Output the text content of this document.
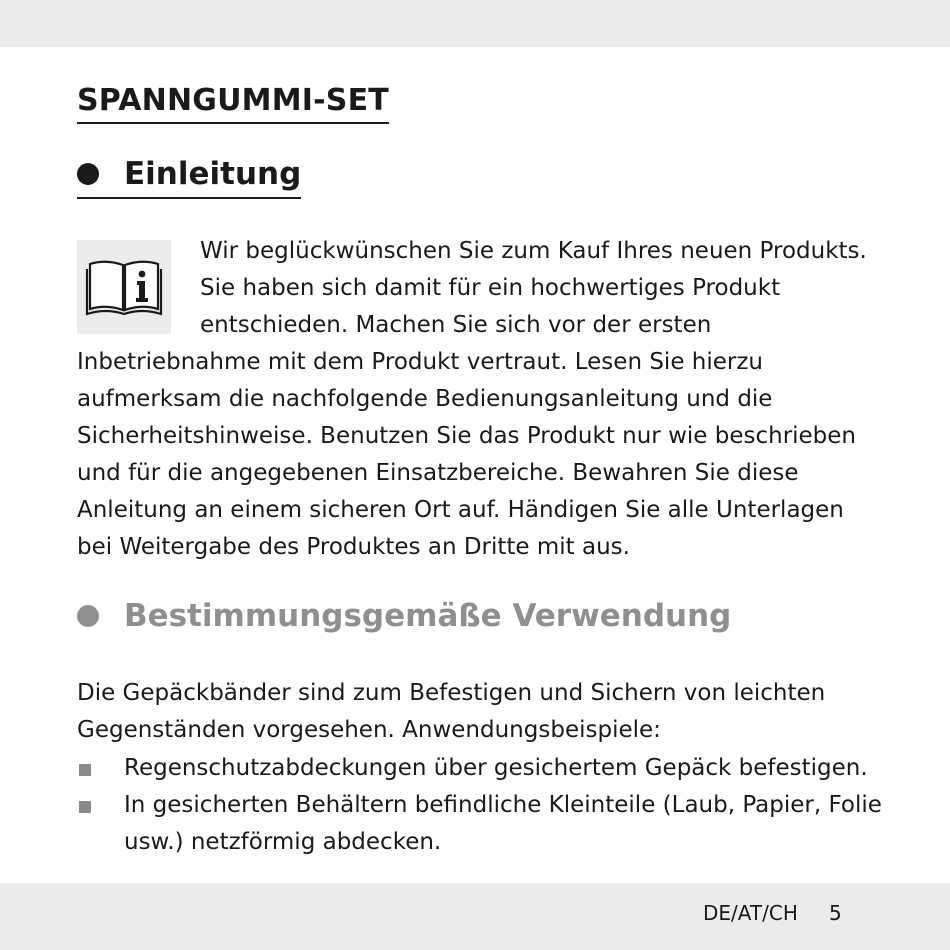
SPANNGUMMI-SET
Einleitung

Wir beglückwünschen Sie zum Kauf Ihres neuen Produkts.

Sie haben sich damit für ein hochwertiges Produkt

entschieden. Machen Sie sich vor der ersten

Inbetriebnahme mit dem Produkt vertraut. Lesen Sie hierzu

aufmerksam die nachfolgende Bedienungsanleitung und die

Sicherheitshinweise. Benutzen Sie das Produkt nur wie beschrieben

und für die angegebenen Einsatzbereiche. Bewahren Sie diese

Anleitung an einem sicheren Ort auf. Händigen Sie alle Unterlagen

bei Weitergabe des Produktes an Dritte mit aus.

Bestimmungsgemäße Verwendung

Die Gepäckbänder sind zum Befestigen und Sichern von leichten

Gegenständen vorgesehen. Anwendungsbeispiele:

Regenschutzabdeckungen über gesichertem Gepäck befestigen.

In gesicherten Behältern befindliche Kleinteile (Laub, Papier, Folie

usw.) netzförmig abdecken.

DE/AT/CH 5
